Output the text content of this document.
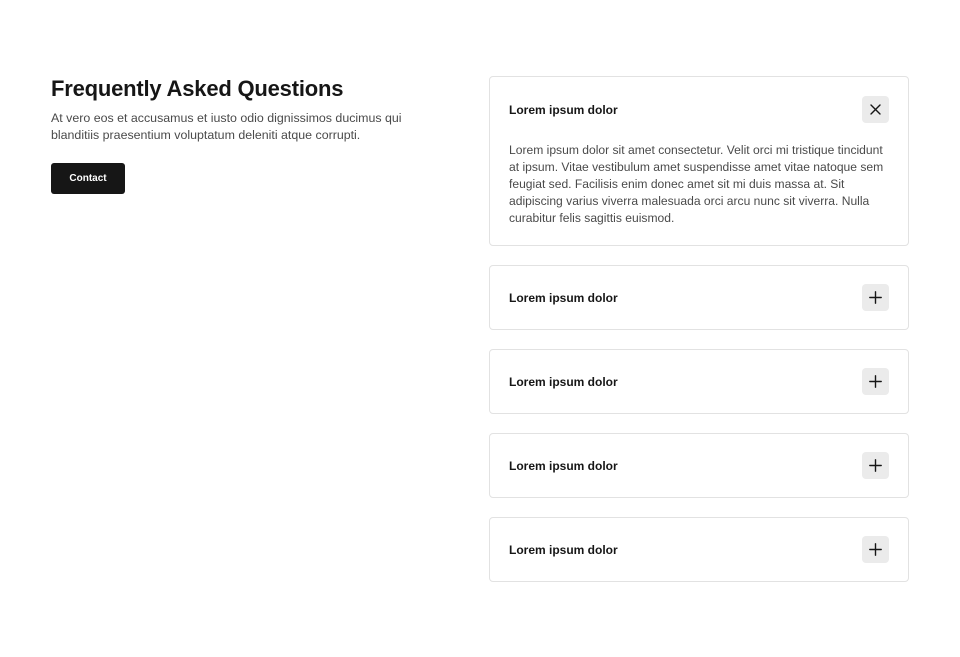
Frequently Asked Questions

At vero eos et accusamus et iusto odio dignissimos ducimus qui blanditiis praesentium voluptatum deleniti atque corrupti.

Contact
Lorem ipsum dolor

Lorem ipsum dolor sit amet consectetur. Velit orci mi tristique tincidunt at ipsum. Vitae vestibulum amet suspendisse amet vitae natoque sem feugiat sed. Facilisis enim donec amet sit mi duis massa at. Sit adipiscing varius viverra malesuada orci arcu nunc sit viverra. Nulla curabitur felis sagittis euismod.

Lorem ipsum dolor
Lorem ipsum dolor
Lorem ipsum dolor
Lorem ipsum dolor
